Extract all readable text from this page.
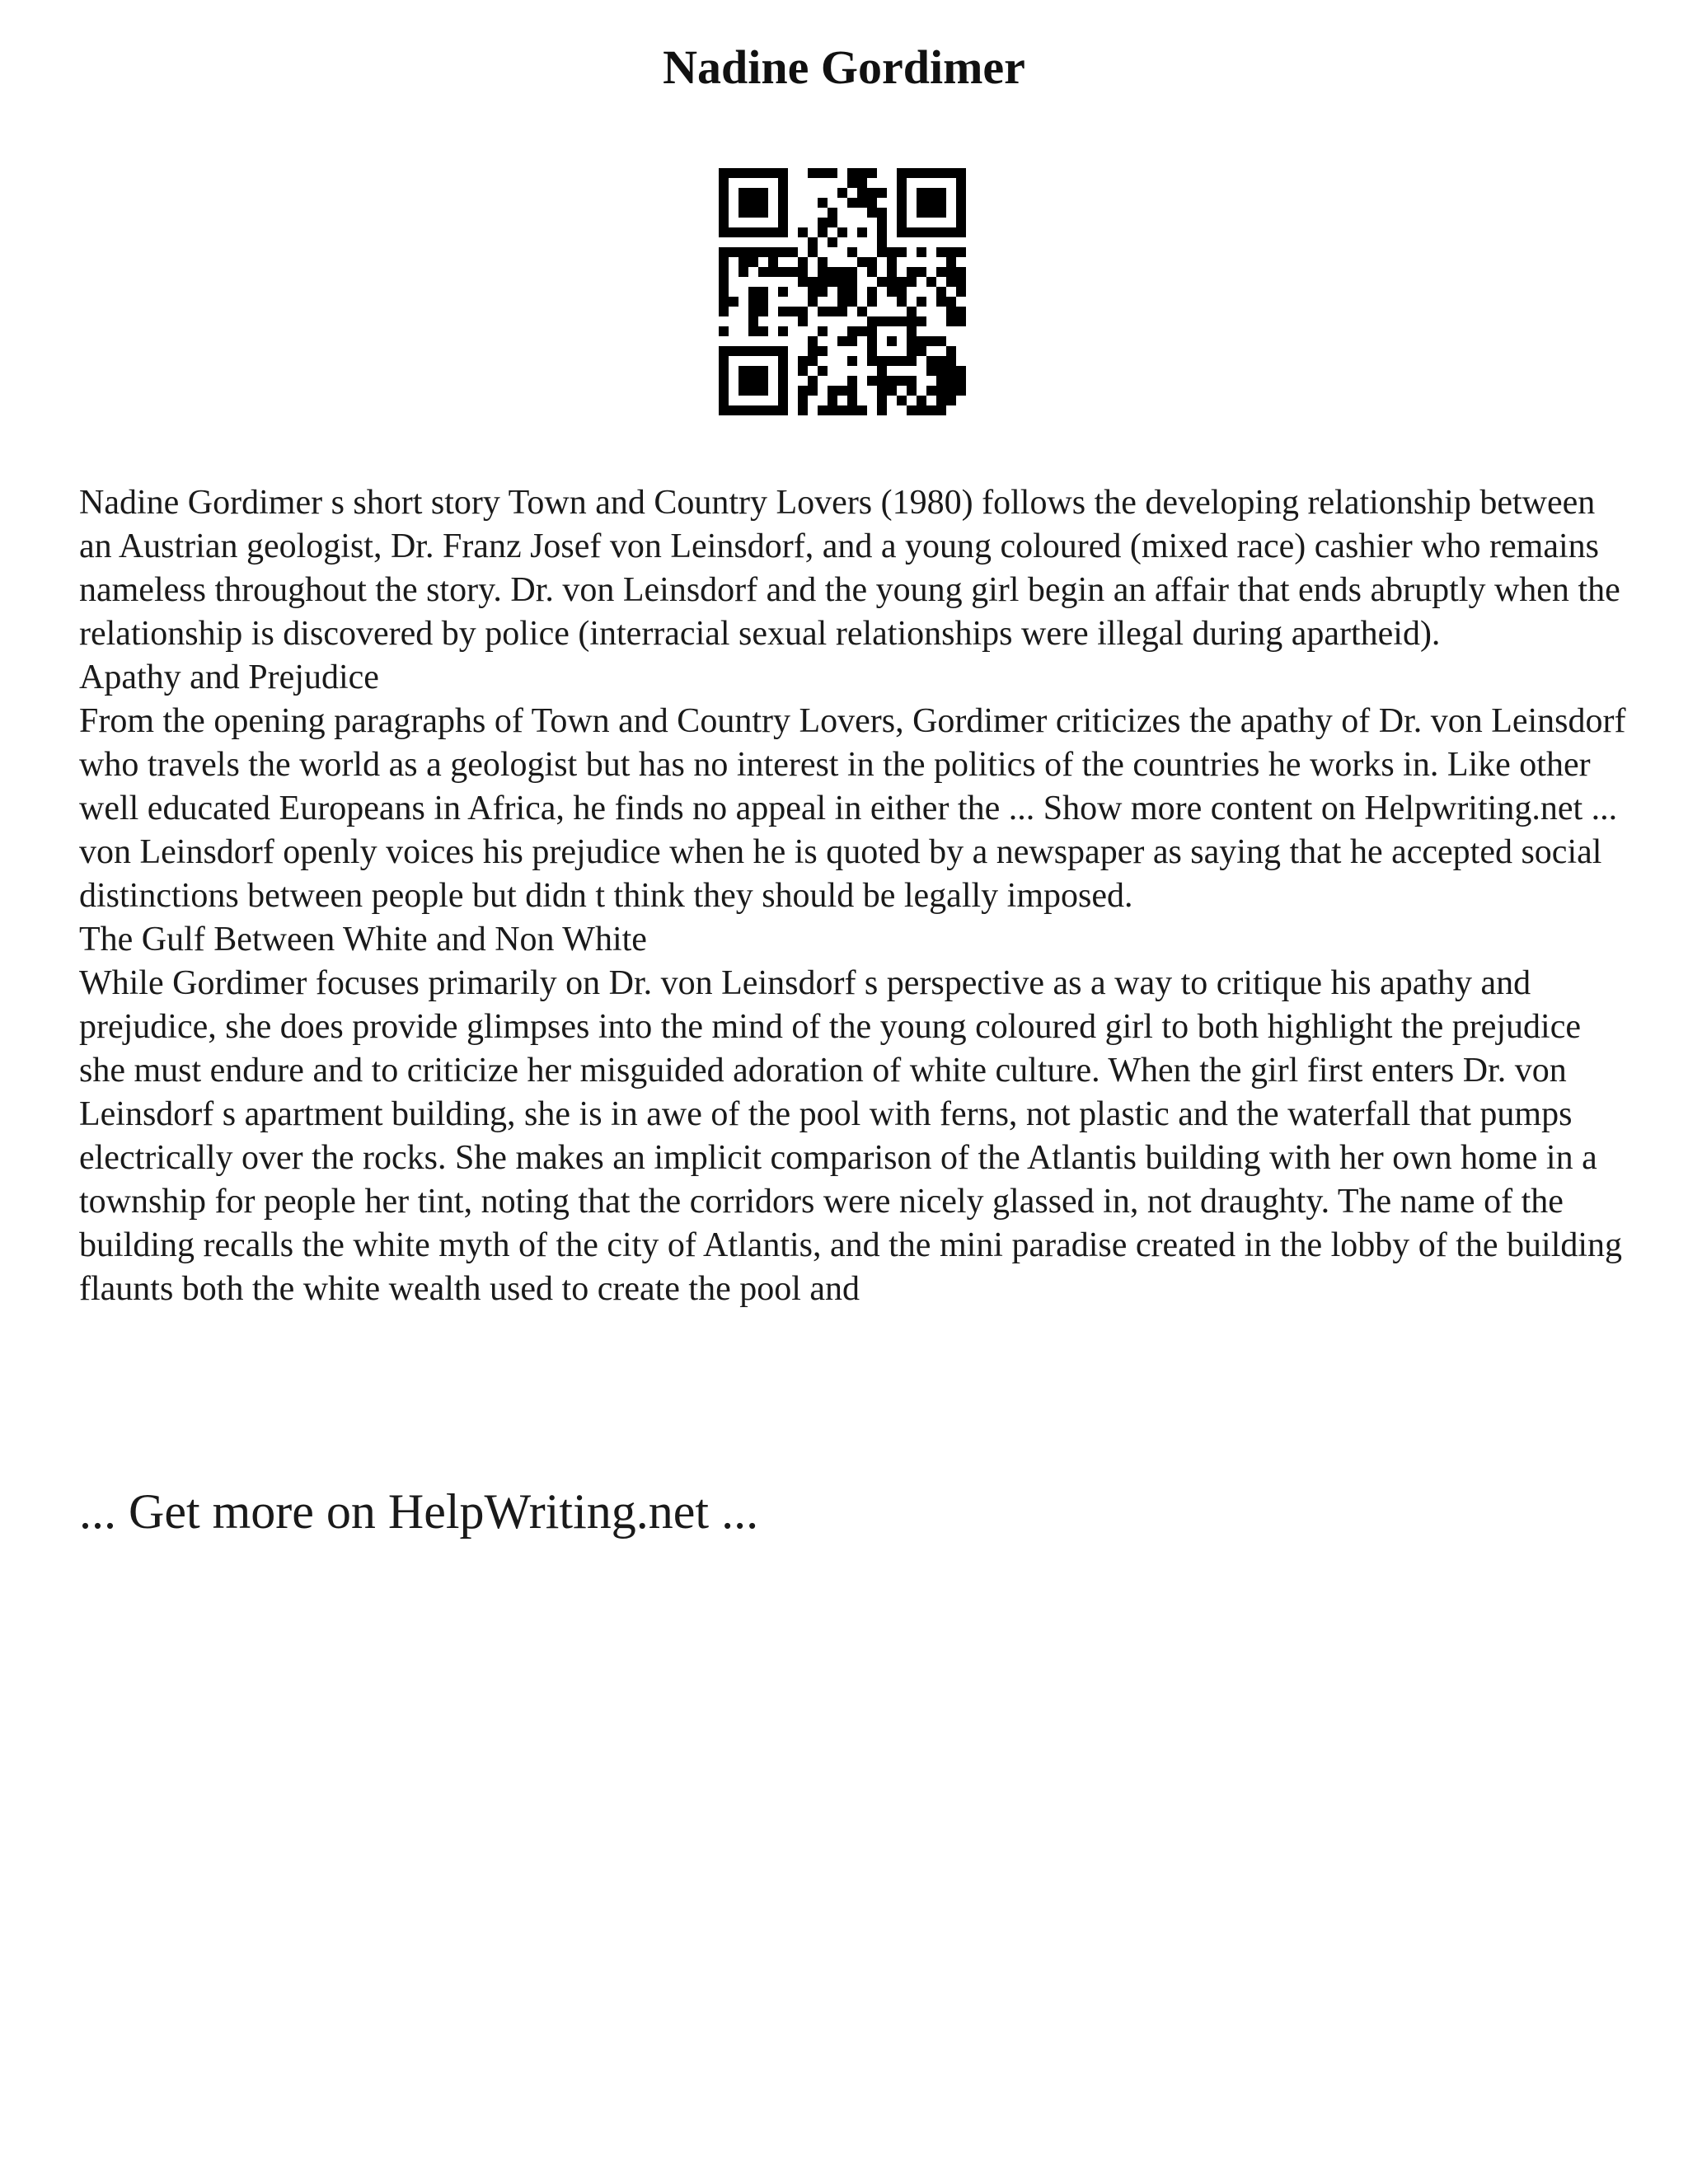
Nadine Gordimer

Nadine Gordimer s short story Town and Country Lovers (1980) follows the developing relationship between an Austrian geologist, Dr. Franz Josef von Leinsdorf, and a young coloured (mixed race) cashier who remains nameless throughout the story. Dr. von Leinsdorf and the young girl begin an affair that ends abruptly when the relationship is discovered by police (interracial sexual relationships were illegal during apartheid).

Apathy and Prejudice

From the opening paragraphs of Town and Country Lovers, Gordimer criticizes the apathy of Dr. von Leinsdorf who travels the world as a geologist but has no interest in the politics of the countries he works in. Like other well educated Europeans in Africa, he finds no appeal in either the ... Show more content on Helpwriting.net ...

von Leinsdorf openly voices his prejudice when he is quoted by a newspaper as saying that he accepted social distinctions between people but didn t think they should be legally imposed.

The Gulf Between White and Non White

While Gordimer focuses primarily on Dr. von Leinsdorf s perspective as a way to critique his apathy and prejudice, she does provide glimpses into the mind of the young coloured girl to both highlight the prejudice she must endure and to criticize her misguided adoration of white culture. When the girl first enters Dr. von Leinsdorf s apartment building, she is in awe of the pool with ferns, not plastic and the waterfall that pumps electrically over the rocks. She makes an implicit comparison of the Atlantis building with her own home in a township for people her tint, noting that the corridors were nicely glassed in, not draughty. The name of the building recalls the white myth of the city of Atlantis, and the mini paradise created in the lobby of the building flaunts both the white wealth used to create the pool and

... Get more on HelpWriting.net ...
